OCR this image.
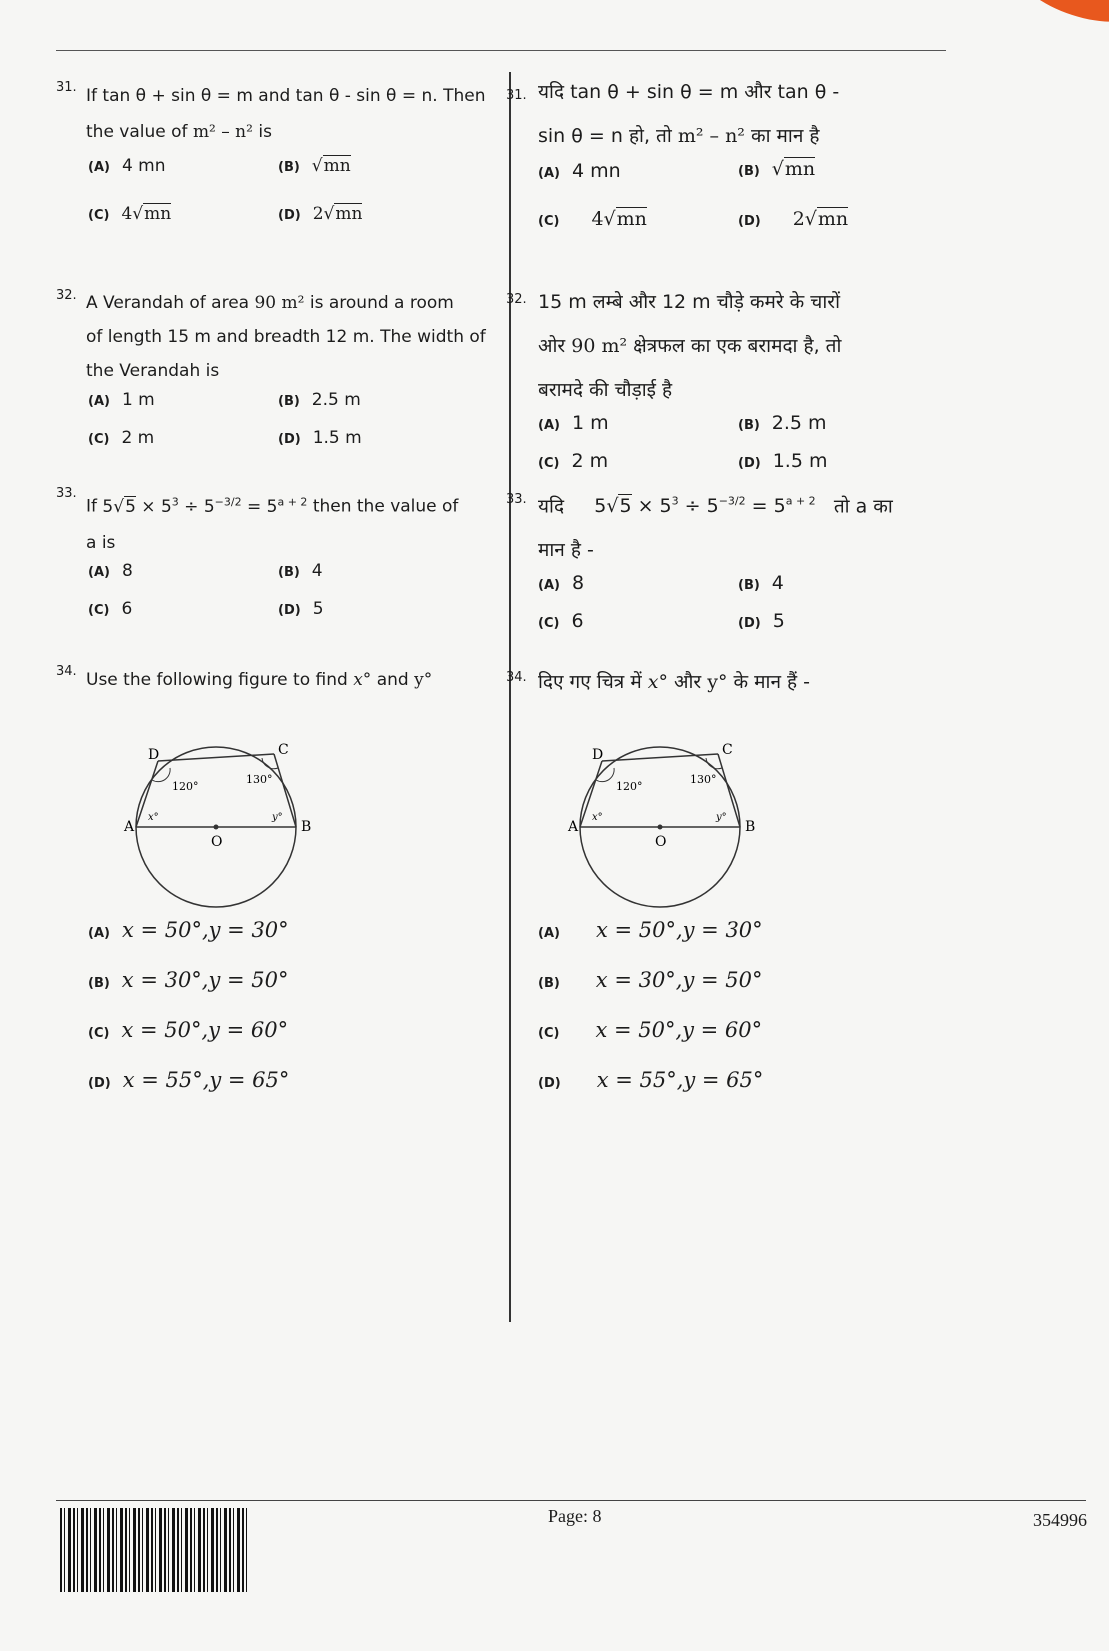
31. If tan θ + sin θ = m and tan θ - sin θ = n. Then
the value of m² – n² is
(A) 4 mn	(B) √mn
(C) 4√mn	(D) 2√mn
32. A Verandah of area 90 m² is around a room
of length 15 m and breadth 12 m. The width of
the Verandah is
(A) 1 m	(B) 2.5 m
(C) 2 m	(D) 1.5 m
33.
If $5√5 \times 5^3 \div 5^{-3/2} = 5^{a + 2}$ then the value of
a is
(A) 8	(B) 4
(C) 6	(D) 5
34. Use the following figure to find x° and y°
D	C
A	B
O
120°
130°
x°	y°
(A) x = 50°,y = 30°
(B) x = 30°,y = 50°
(C) x = 50°,y = 60°
(D) x = 55°,y = 65°
31. यदि tan θ + sin θ = m और tan θ -
sin θ = n हो, तो m² – n² का मान है
(A) 4 mn	(B) √mn
(C) 4√mn	(D) 2√mn
32. 15 m लम्बे और 12 m चौड़े कमरे के चारों
ओर 90 m² क्षेत्रफल का एक बरामदा है, तो
बरामदे की चौड़ाई है
(A) 1 m	(B) 2.5 m
(C) 2 m	(D) 1.5 m
33. यदि $5√5 \times 5^3 \div 5^{-3/2} = 5^{a + 2}$ तो a का
मान है -
(A) 8	(B) 4
(C) 6	(D) 5
34. दिए गए चित्र में x° और y° के मान हैं -
D	C
A	B
O
120°
130°
x°	y°
(A) x = 50°,y = 30°
(B) x = 30°,y = 50°
(C) x = 50°,y = 60°
(D) x = 55°,y = 65°
Page: 8	354996
